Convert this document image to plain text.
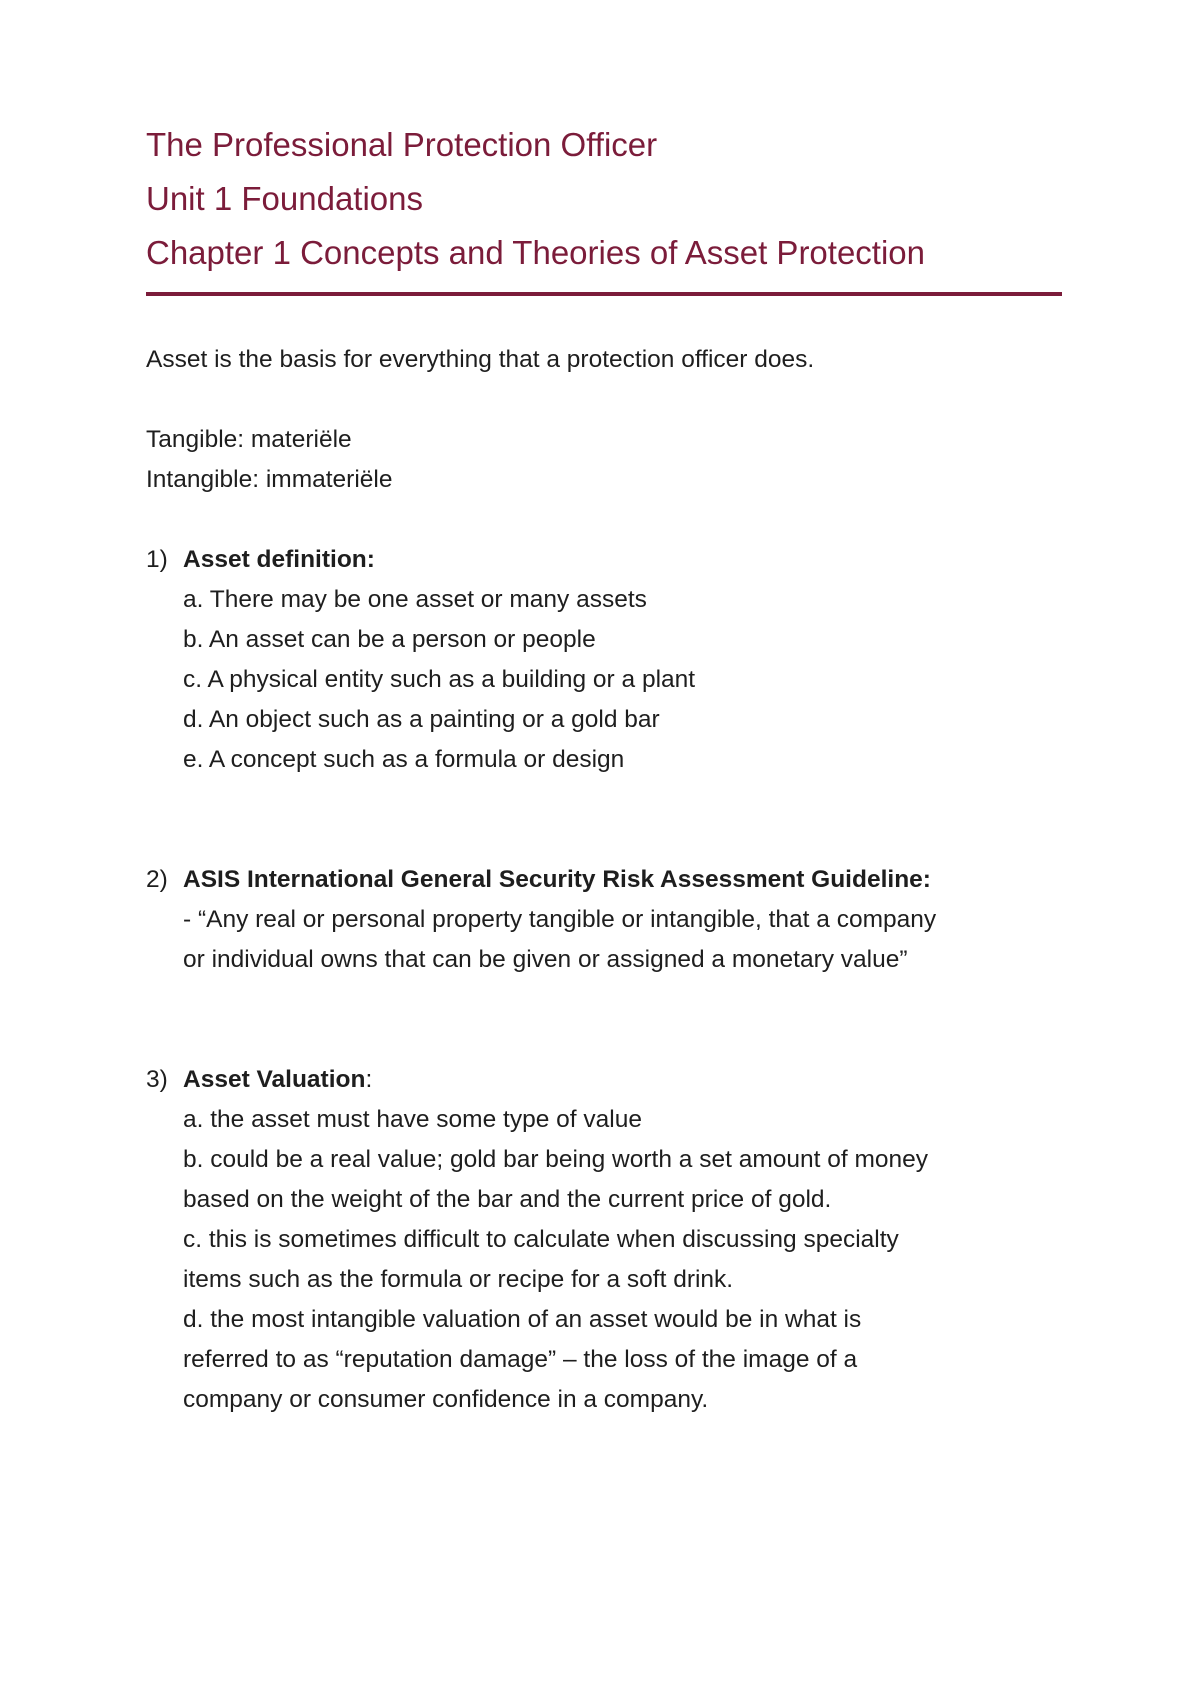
The Professional Protection Officer
Unit 1 Foundations
Chapter 1 Concepts and Theories of Asset Protection
Asset is the basis for everything that a protection officer does.
Tangible: materiële
Intangible: immateriële
1) Asset definition:
a. There may be one asset or many assets
b. An asset can be a person or people
c. A physical entity such as a building or a plant
d. An object such as a painting or a gold bar
e. A concept such as a formula or design
2) ASIS International General Security Risk Assessment Guideline:
- “Any real or personal property tangible or intangible, that a company
or individual owns that can be given or assigned a monetary value”
3) Asset Valuation :
a. the asset must have some type of value
b. could be a real value; gold bar being worth a set amount of money
based on the weight of the bar and the current price of gold.
c. this is sometimes difficult to calculate when discussing specialty
items such as the formula or recipe for a soft drink.
d. the most intangible valuation of an asset would be in what is
referred to as “reputation damage” – the loss of the image of a
company or consumer confidence in a company.
